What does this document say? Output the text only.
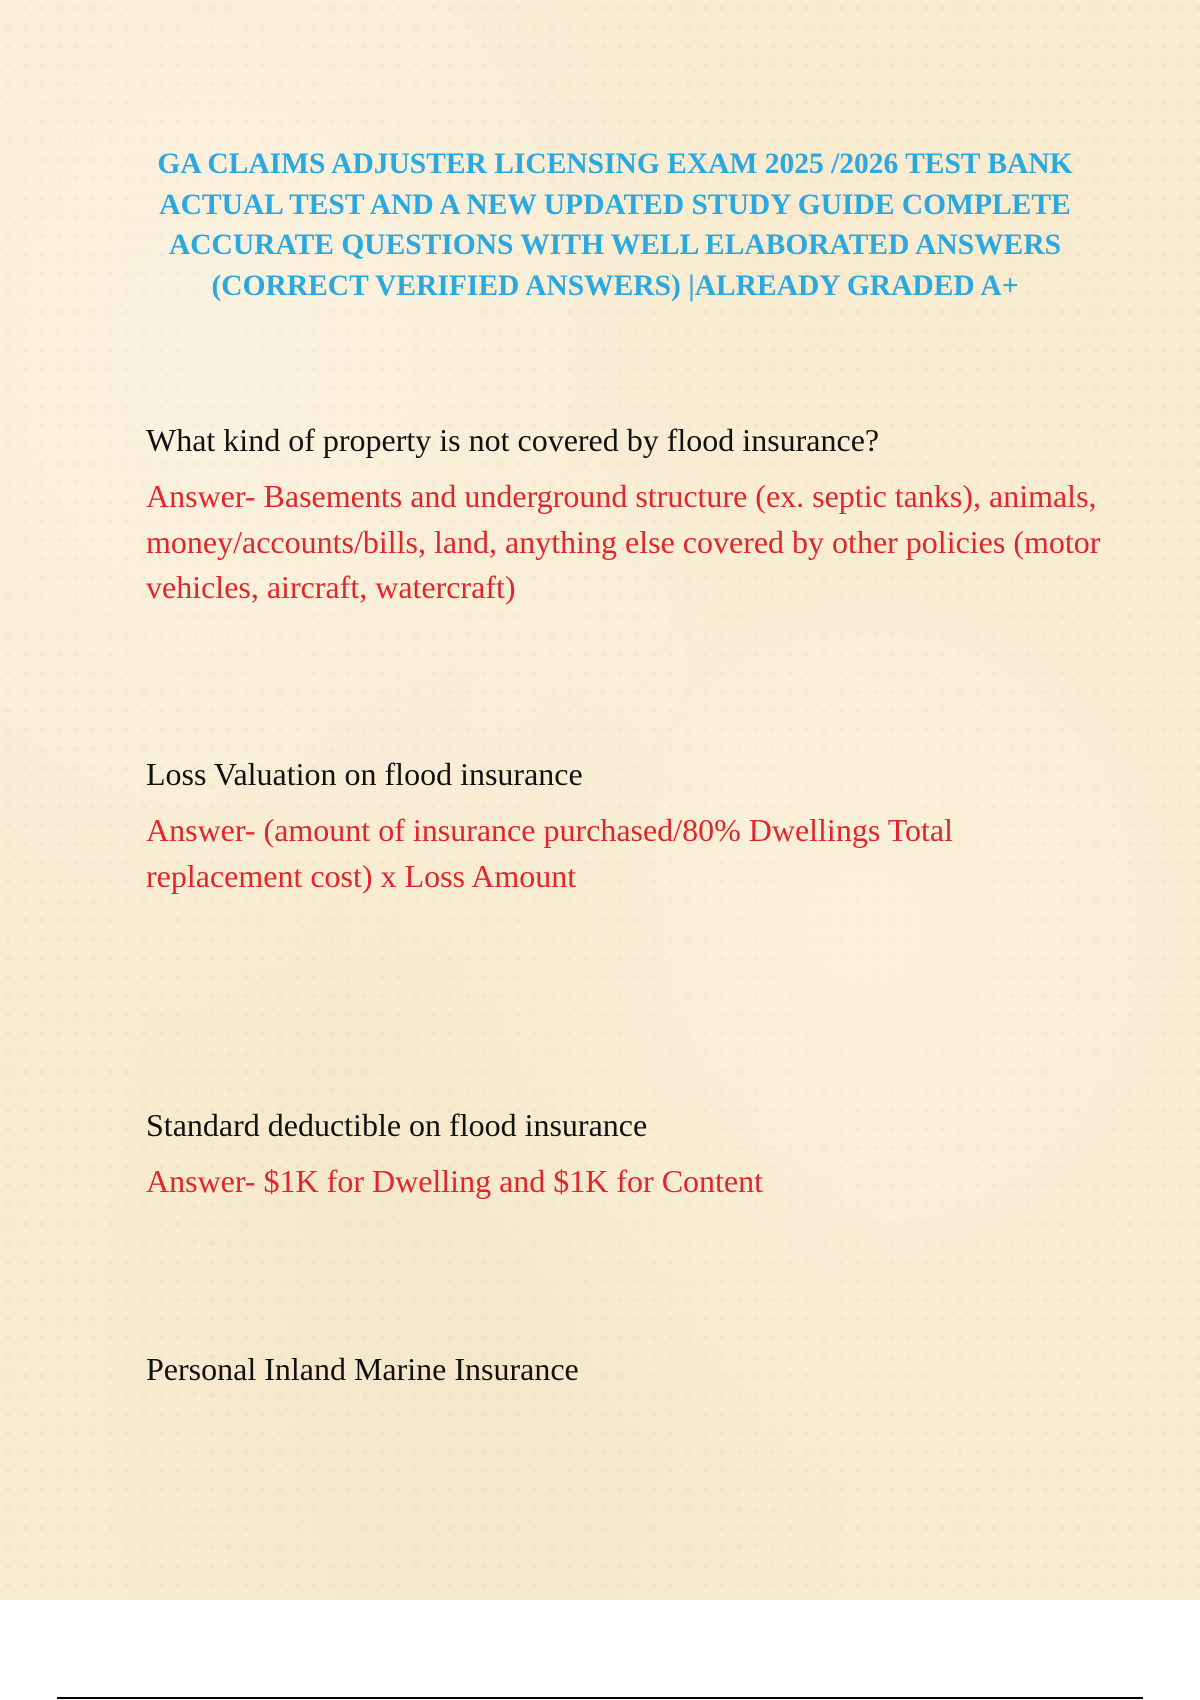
GA CLAIMS ADJUSTER LICENSING EXAM 2025 /2026 TEST BANK ACTUAL TEST AND A NEW UPDATED STUDY GUIDE COMPLETE ACCURATE QUESTIONS WITH WELL ELABORATED ANSWERS (CORRECT VERIFIED ANSWERS) |ALREADY GRADED A+

What kind of property is not covered by flood insurance?

Answer- Basements and underground structure (ex. septic tanks), animals, money/accounts/bills, land, anything else covered by other policies (motor vehicles, aircraft, watercraft)

Loss Valuation on flood insurance

Answer- (amount of insurance purchased/80% Dwellings Total replacement cost) x Loss Amount

Standard deductible on flood insurance

Answer- $1K for Dwelling and $1K for Content

Personal Inland Marine Insurance
